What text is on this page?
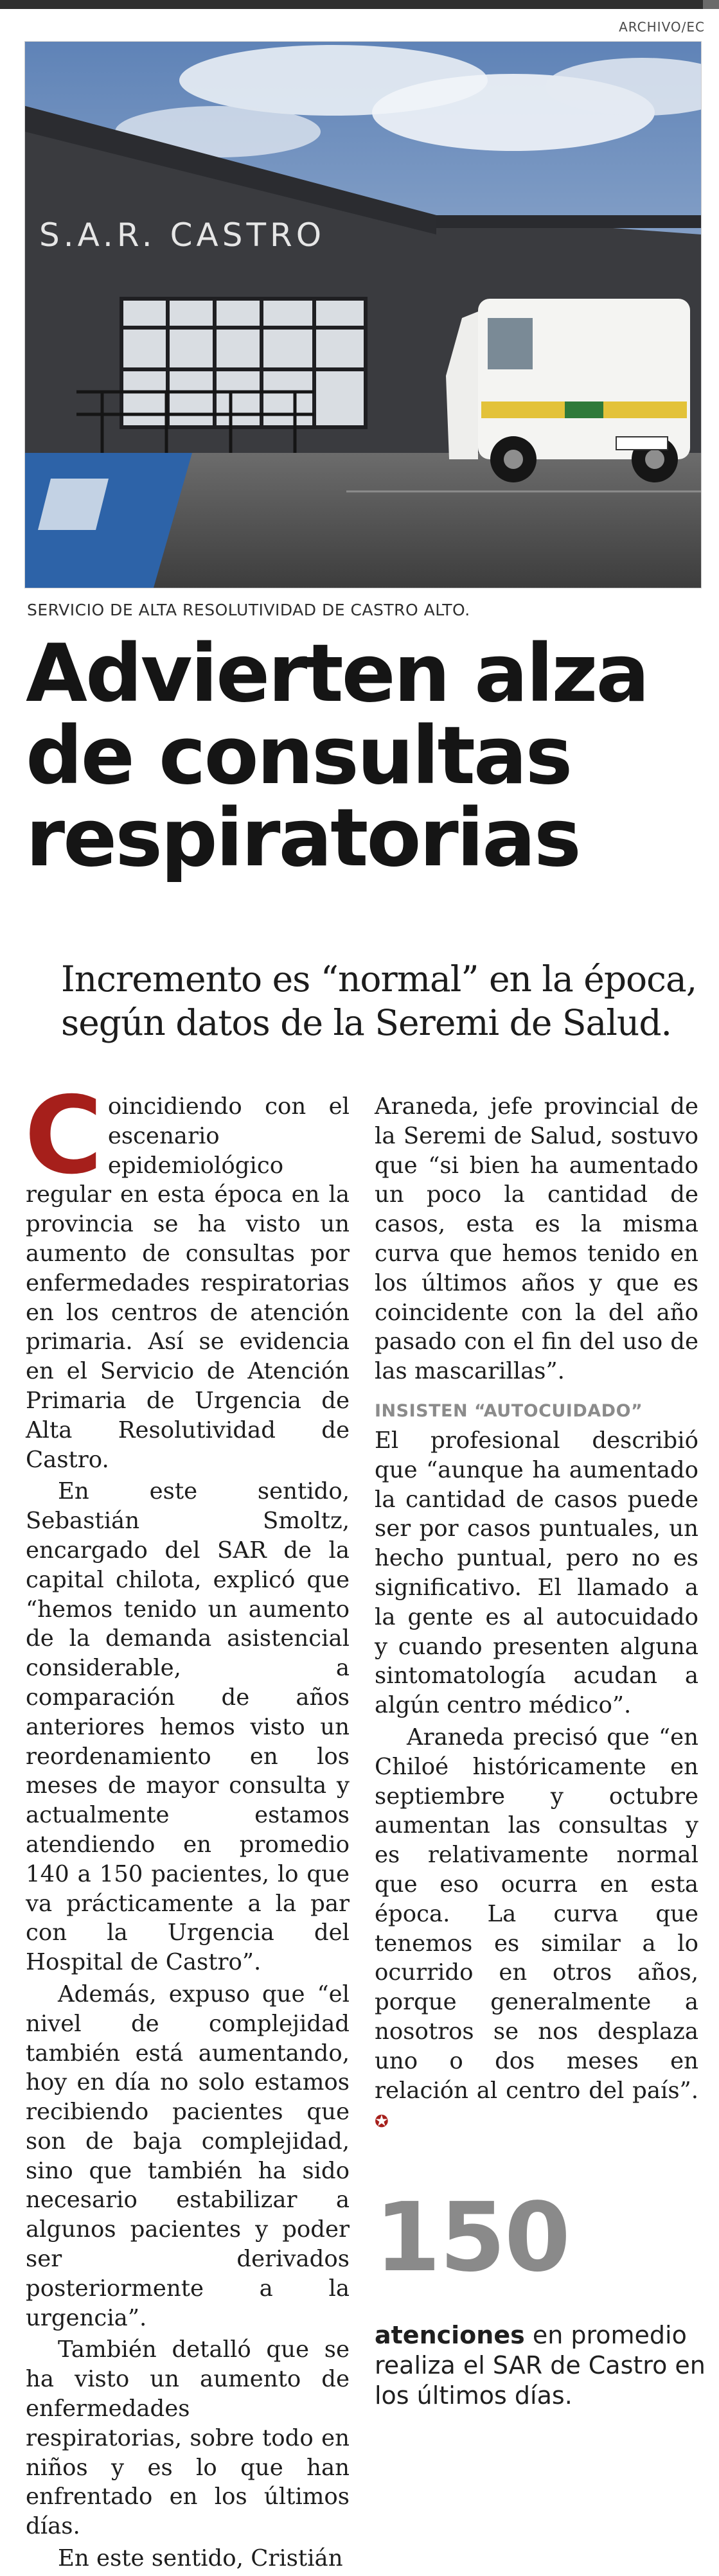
ARCHIVO/EC
S.A.R. CASTRO
SERVICIO DE ALTA RESOLUTIVIDAD DE CASTRO ALTO.
Advierten alza
de consultas
respiratorias
Incremento es “normal” en la época,
según datos de la Seremi de Salud.

Coincidiendo con el escenario epidemiológico regular en esta época en la provincia se ha visto un aumento de consultas por enfermedades respiratorias en los centros de atención primaria. Así se evidencia en el Servicio de Atención Primaria de Urgencia de Alta Resolutividad de Castro.

En este sentido, Sebastián Smoltz, encargado del SAR de la capital chilota, explicó que “hemos tenido un aumento de la demanda asistencial considerable, a comparación de años anteriores hemos visto un reordenamiento en los meses de mayor consulta y actualmente estamos atendiendo en promedio 140 a 150 pacientes, lo que va prácticamente a la par con la Urgencia del Hospital de Castro”.

Además, expuso que “el nivel de complejidad también está aumentando, hoy en día no solo estamos recibiendo pacientes que son de baja complejidad, sino que también ha sido necesario estabilizar a algunos pacientes y poder ser derivados posteriormente a la urgencia”.

También detalló que se ha visto un aumento de enfermedades respiratorias, sobre todo en niños y es lo que han enfrentado en los últimos días.

En este sentido, Cristián

Araneda, jefe provincial de la Seremi de Salud, sostuvo que “si bien ha aumentado un poco la cantidad de casos, esta es la misma curva que hemos tenido en los últimos años y que es coincidente con la del año pasado con el fin del uso de las mascarillas”.

INSISTEN “AUTOCUIDADO”

El profesional describió que “aunque ha aumentado la cantidad de casos puede ser por casos puntuales, un hecho puntual, pero no es significativo. El llamado a la gente es al autocuidado y cuando presenten alguna sintomatología acudan a algún centro médico”.

Araneda precisó que “en Chiloé históricamente en septiembre y octubre aumentan las consultas y es relativamente normal que eso ocurra en esta época. La curva que tenemos es similar a lo ocurrido en otros años, porque generalmente a nosotros se nos desplaza uno o dos meses en relación al centro del país”. ✪

150
atenciones en promedio realiza el SAR de Castro en los últimos días.
